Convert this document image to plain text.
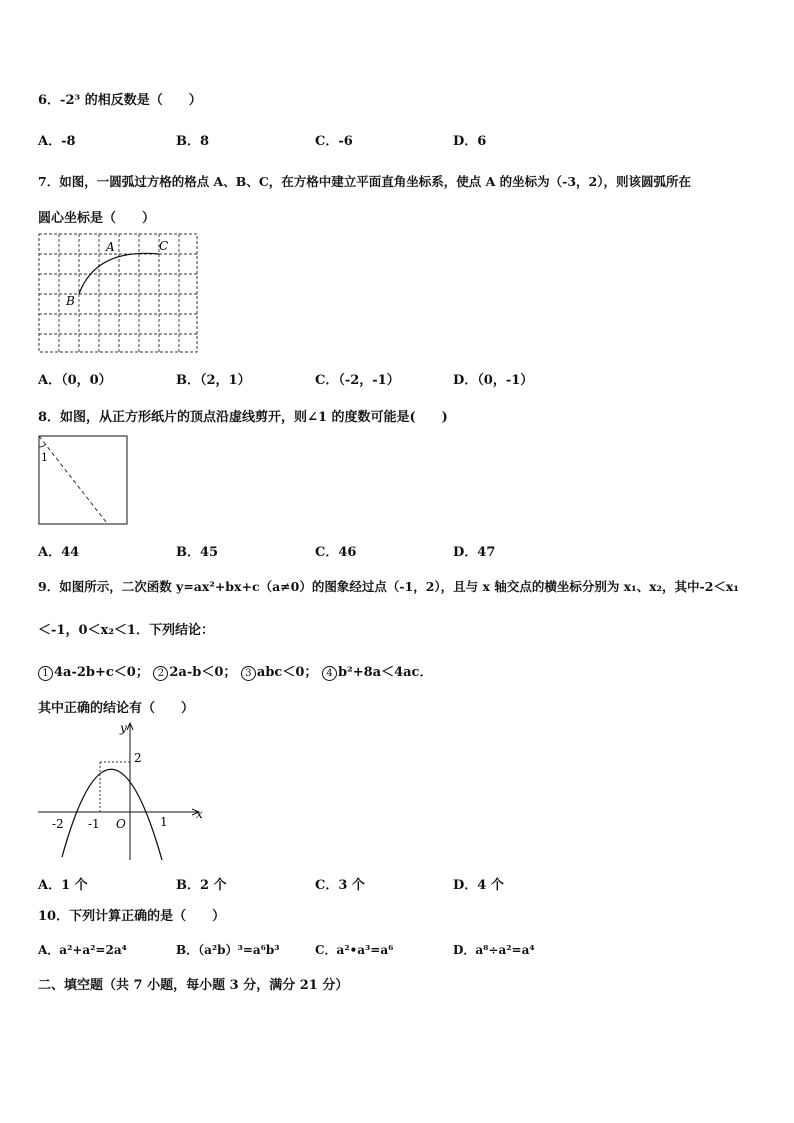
6．-2³ 的相反数是（　　）
A．-8	B．8	C．-6	D．6
7．如图，一圆弧过方格的格点 A、B、C，在方格中建立平面直角坐标系，使点 A 的坐标为（-3，2），则该圆弧所在
圆心坐标是（　　）
A
B
C
A．（0，0）	B．（2，1）	C．（-2，-1）	D．（0，-1）
8．如图，从正方形纸片的顶点沿虚线剪开，则∠1 的度数可能是(　　)
1
A．44	B．45	C．46	D．47
9．如图所示，二次函数 y=ax²+bx+c（a≠0）的图象经过点（-1，2），且与 x 轴交点的横坐标分别为 x₁、x₂，其中-2＜x₁
＜-1，0＜x₂＜1．下列结论：
1 4a-2b+c＜0； 2 2a-b＜0； 3 abc＜0； 4 b²+8a＜4ac．
其中正确的结论有（　　）
y
x
2
-2 -1 O	1
A．1 个	B．2 个	C．3 个	D．4 个
10．下列计算正确的是（　　）
A．a²+a²=2a⁴	B．（a²b）³=a⁶b³	C．a²•a³=a⁶	D．a⁸÷a²=a⁴
二、填空题（共 7 小题，每小题 3 分，满分 21 分）
